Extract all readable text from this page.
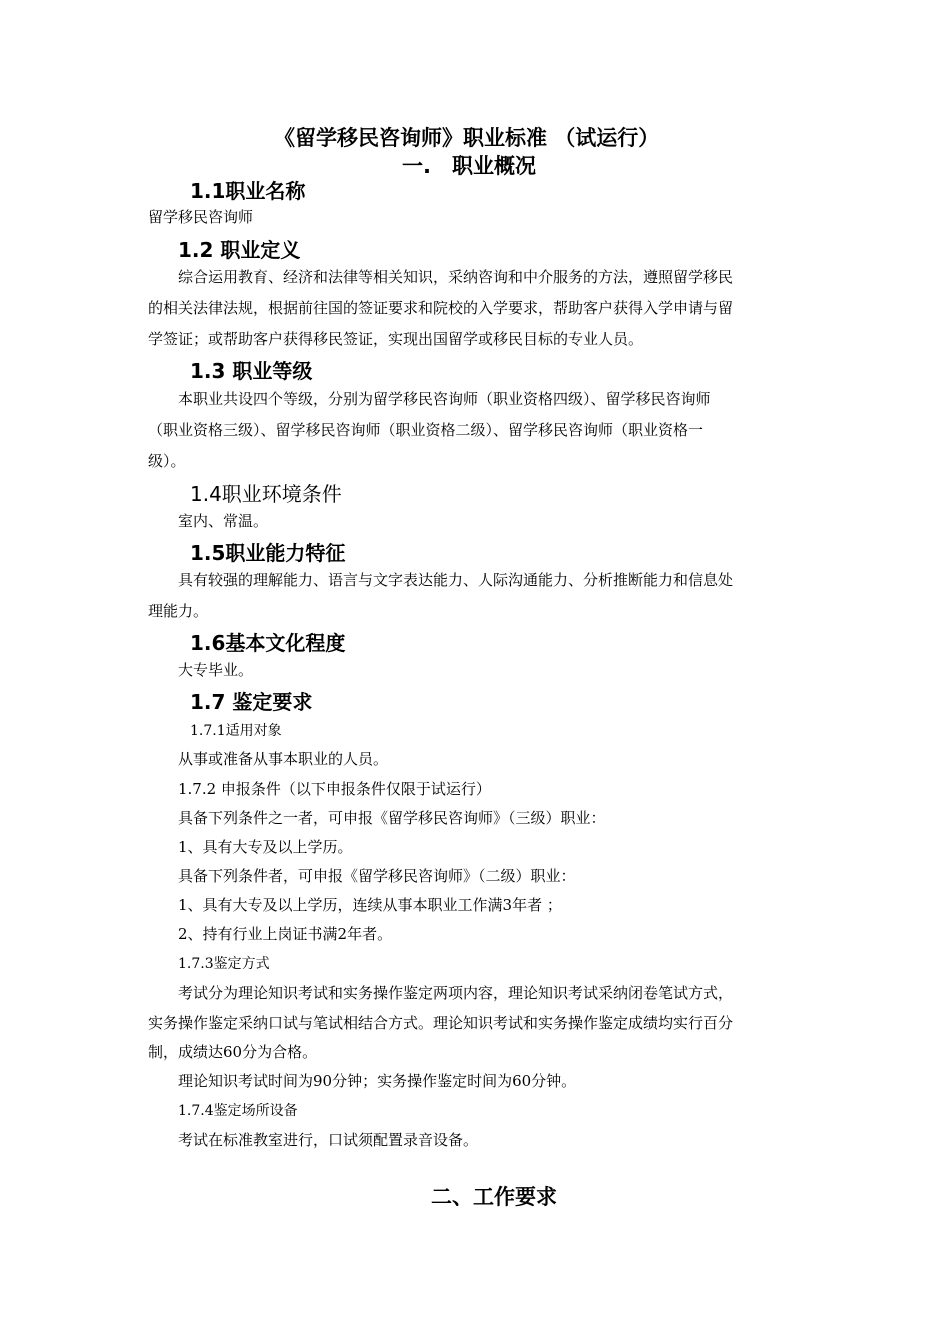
《留学移民咨询师》职业标准 （试运行）
一.　职业概况
1.1职业名称
留学移民咨询师
1.2 职业定义
综合运用教育、经济和法律等相关知识，采纳咨询和中介服务的方法，遵照留学移民
的相关法律法规，根据前往国的签证要求和院校的入学要求，帮助客户获得入学申请与留
学签证；或帮助客户获得移民签证，实现出国留学或移民目标的专业人员。
1.3 职业等级
本职业共设四个等级，分别为留学移民咨询师（职业资格四级）、留学移民咨询师
（职业资格三级）、留学移民咨询师（职业资格二级）、留学移民咨询师（职业资格一
级）。
1.4职业环境条件
室内、常温。
1.5职业能力特征
具有较强的理解能力、语言与文字表达能力、人际沟通能力、分析推断能力和信息处
理能力。
1.6基本文化程度
大专毕业。
1.7 鉴定要求
1.7.1适用对象
从事或准备从事本职业的人员。
1.7.2 申报条件（以下申报条件仅限于试运行）
具备下列条件之一者，可申报《留学移民咨询师》（三级）职业：
1、具有大专及以上学历。
具备下列条件者，可申报《留学移民咨询师》（二级）职业：
1、具有大专及以上学历，连续从事本职业工作满3年者 ；
2、持有行业上岗证书满2年者。
1.7.3鉴定方式
考试分为理论知识考试和实务操作鉴定两项内容，理论知识考试采纳闭卷笔试方式，
实务操作鉴定采纳口试与笔试相结合方式。理论知识考试和实务操作鉴定成绩均实行百分
制，成绩达60分为合格。
理论知识考试时间为90分钟；实务操作鉴定时间为60分钟。
1.7.4鉴定场所设备
考试在标准教室进行，口试须配置录音设备。
二、工作要求
